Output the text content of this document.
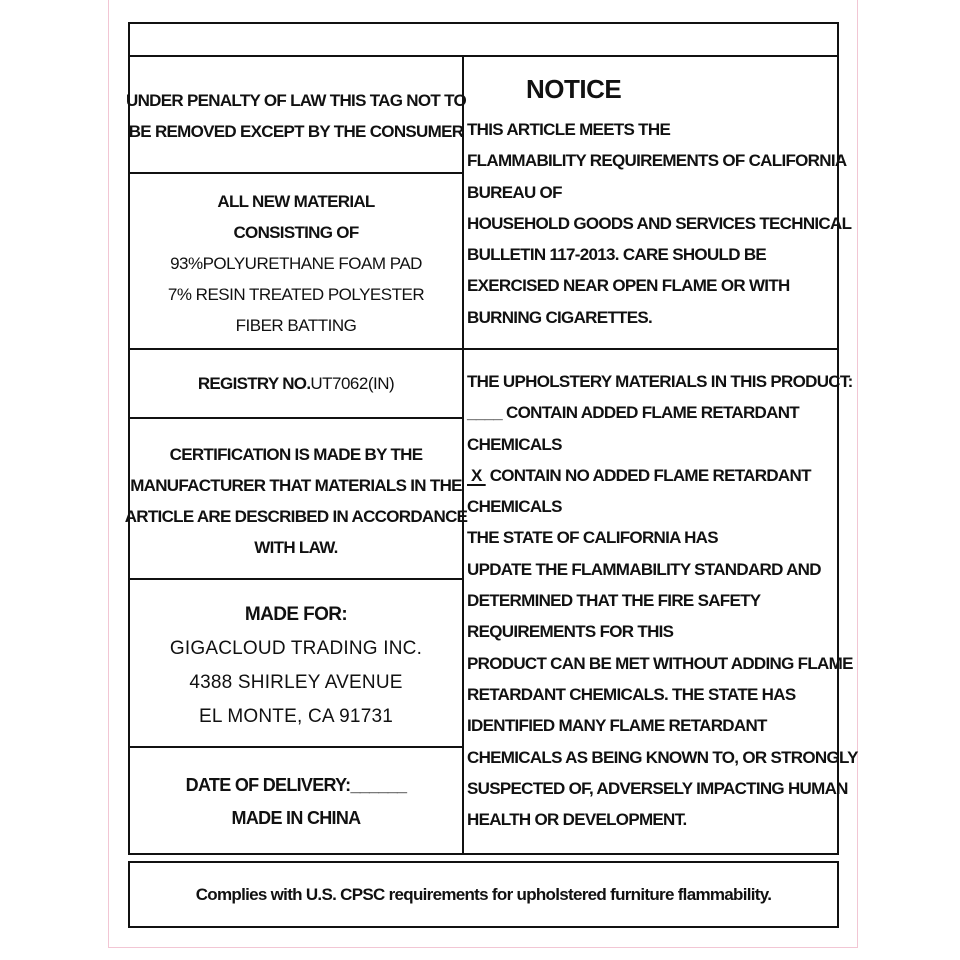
UNDER PENALTY OF LAW THIS TAG NOT TO
BE REMOVED EXCEPT BY THE CONSUMER
ALL NEW MATERIAL
CONSISTING OF
93%POLYURETHANE FOAM PAD
7% RESIN TREATED POLYESTER
FIBER BATTING
REGISTRY NO. UT7062(IN)
CERTIFICATION IS MADE BY THE
MANUFACTURER THAT MATERIALS IN THE
ARTICLE ARE DESCRIBED IN ACCORDANCE
WITH LAW.
MADE FOR:
GIGACLOUD TRADING INC.
4388 SHIRLEY AVENUE
EL MONTE, CA 91731
DATE OF DELIVERY:______
MADE IN CHINA
NOTICE
THIS ARTICLE MEETS THE
FLAMMABILITY REQUIREMENTS OF CALIFORNIA
BUREAU OF
HOUSEHOLD GOODS AND SERVICES TECHNICAL
BULLETIN 117-2013. CARE SHOULD BE
EXERCISED NEAR OPEN FLAME OR WITH
BURNING CIGARETTES.
THE UPHOLSTERY MATERIALS IN THIS PRODUCT:
____ CONTAIN ADDED FLAME RETARDANT
CHEMICALS
X  CONTAIN NO ADDED FLAME RETARDANT
CHEMICALS
THE STATE OF CALIFORNIA HAS
UPDATE THE FLAMMABILITY STANDARD AND
DETERMINED THAT THE FIRE SAFETY
REQUIREMENTS FOR THIS
PRODUCT CAN BE MET WITHOUT ADDING FLAME
RETARDANT CHEMICALS. THE STATE HAS
IDENTIFIED MANY FLAME RETARDANT
CHEMICALS AS BEING KNOWN TO, OR STRONGLY
SUSPECTED OF, ADVERSELY IMPACTING HUMAN
HEALTH OR DEVELOPMENT.
Complies with U.S. CPSC requirements for upholstered furniture flammability.
